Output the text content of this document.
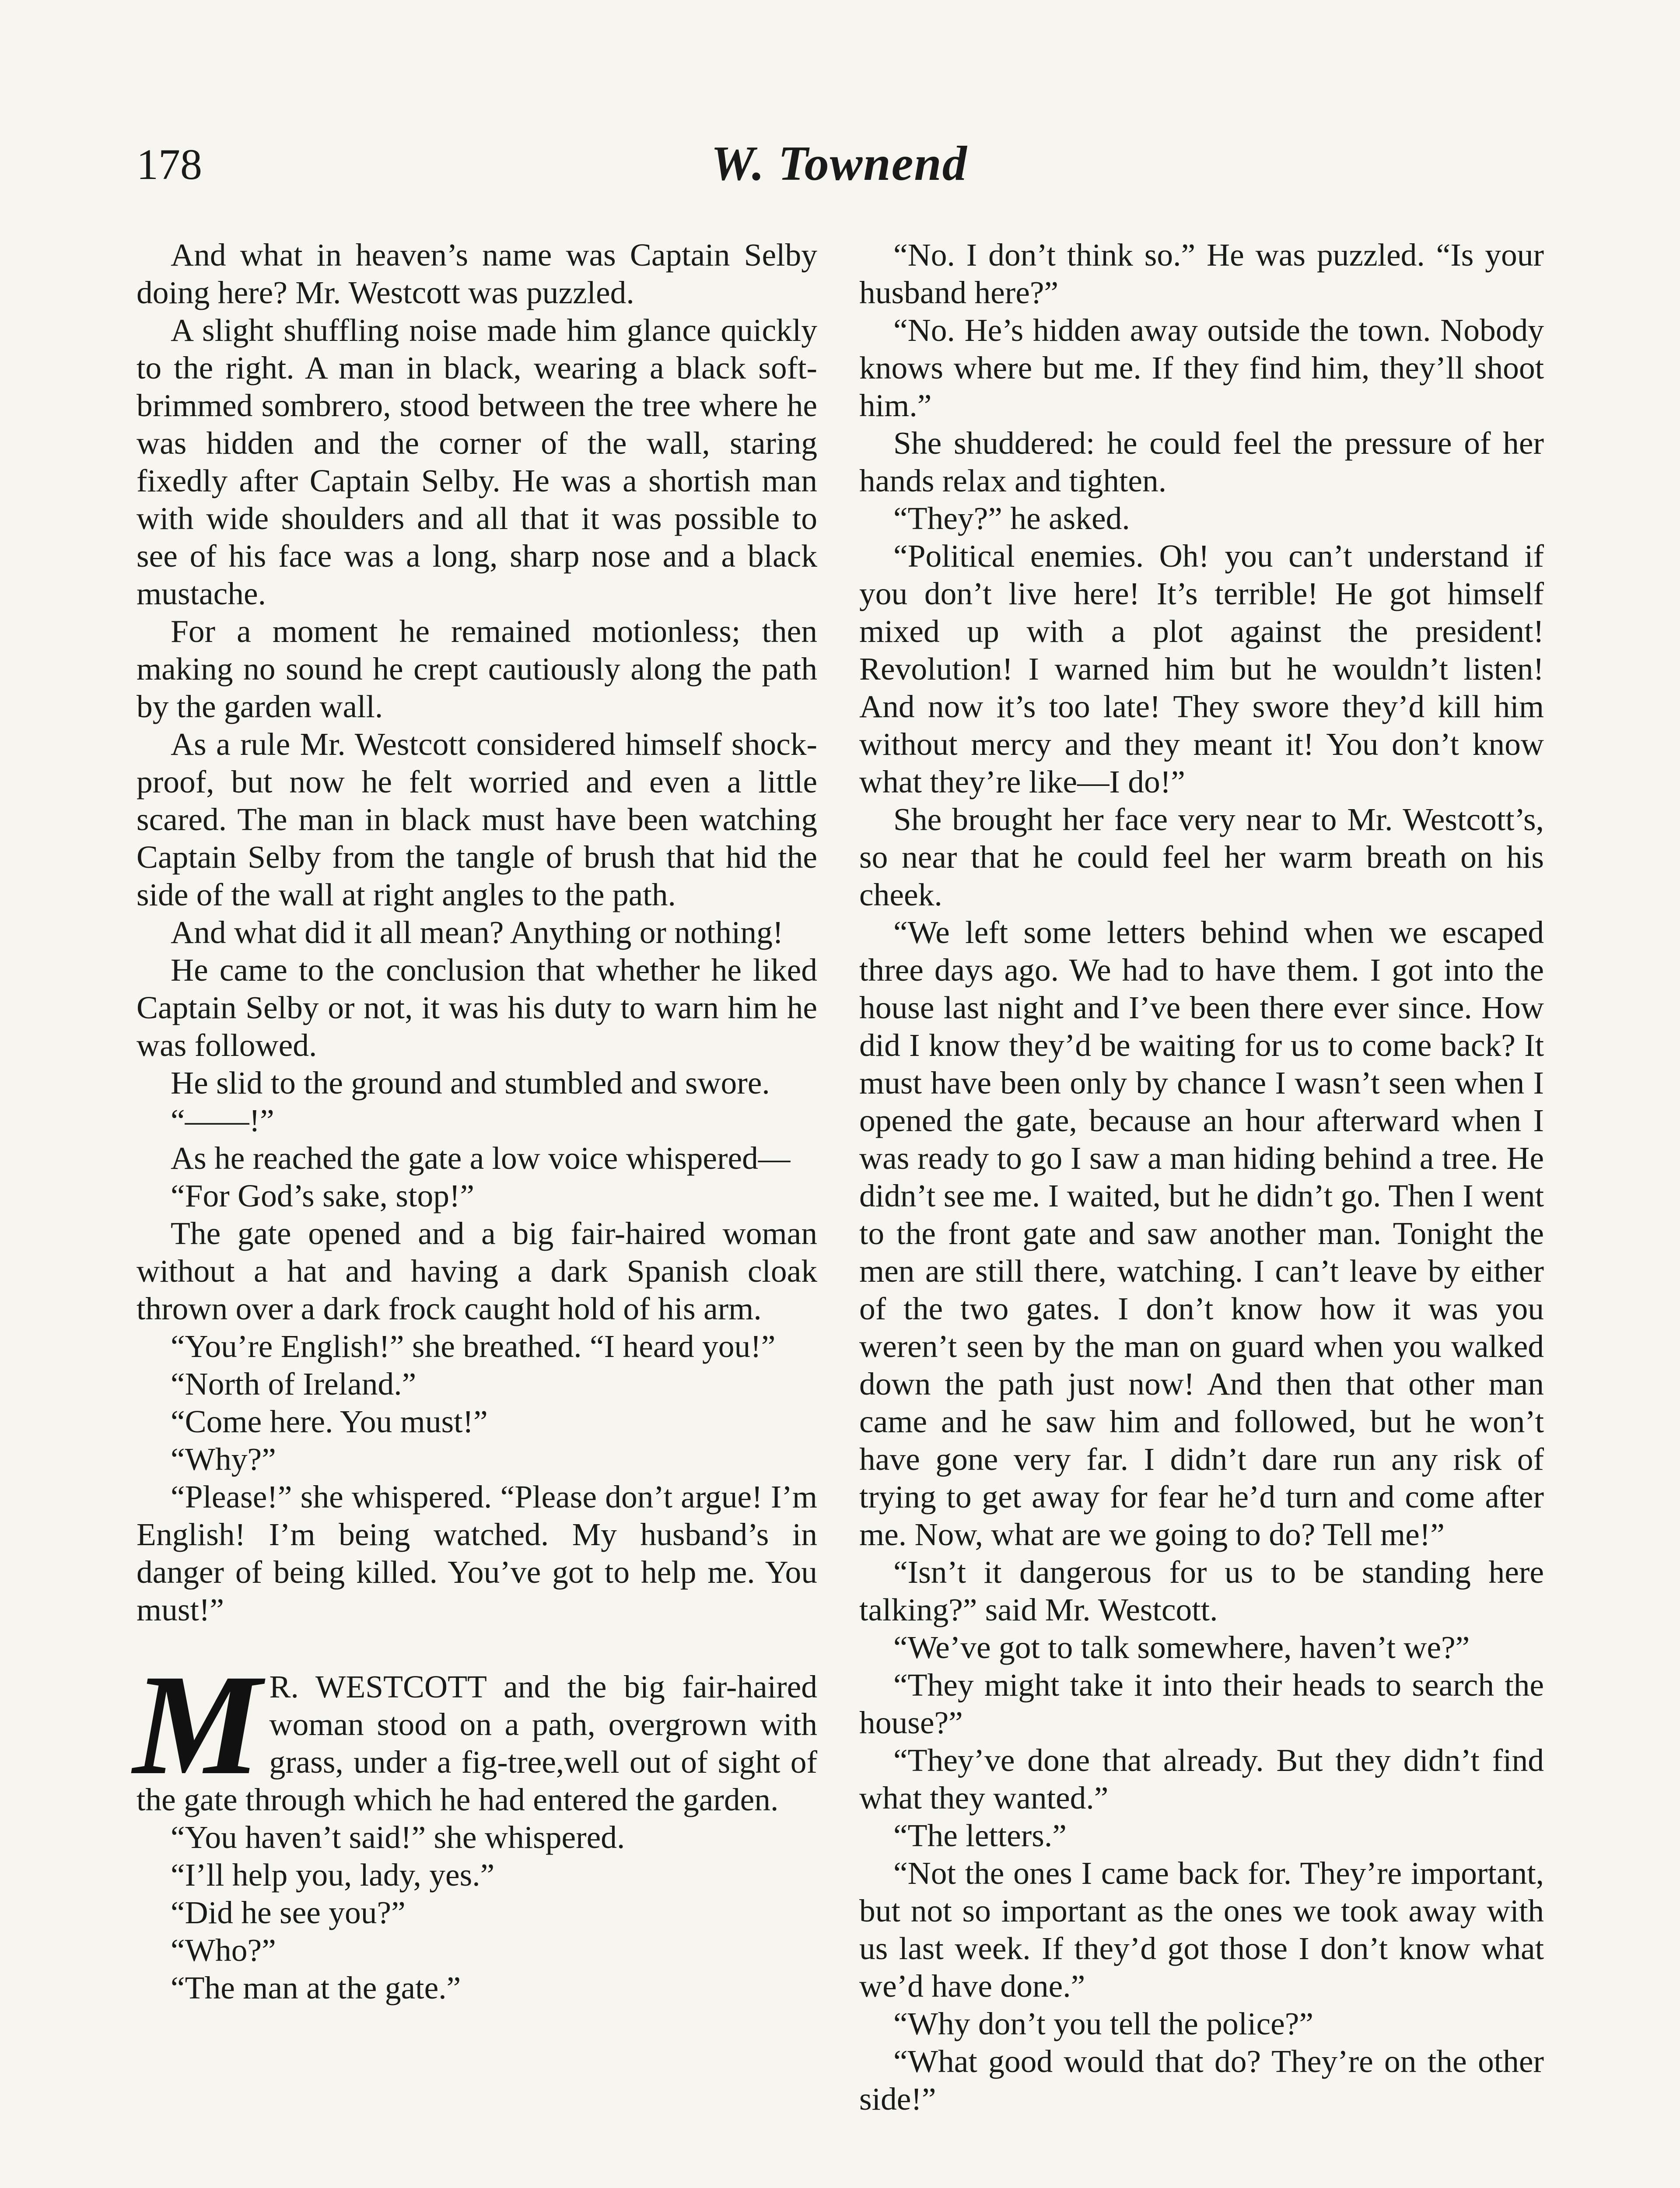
178	W. Townend

And what in heaven’s name was Captain Selby doing here? Mr. Westcott was puzzled.

A slight shuffling noise made him glance quickly to the right. A man in black, wearing a black soft-brimmed sombrero, stood between the tree where he was hidden and the corner of the wall, staring fixedly after Captain Selby. He was a shortish man with wide shoulders and all that it was possible to see of his face was a long, sharp nose and a black mustache.

For a moment he remained motionless; then making no sound he crept cautiously along the path by the garden wall.

As a rule Mr. Westcott considered himself shock-proof, but now he felt worried and even a little scared. The man in black must have been watching Captain Selby from the tangle of brush that hid the side of the wall at right angles to the path.

And what did it all mean? Anything or nothing!

He came to the conclusion that whether he liked Captain Selby or not, it was his duty to warn him he was followed.

He slid to the ground and stumbled and swore.

“——!”

As he reached the gate a low voice whispered—

“For God’s sake, stop!”

The gate opened and a big fair-haired woman without a hat and having a dark Spanish cloak thrown over a dark frock caught hold of his arm.

“You’re English!” she breathed. “I heard you!”

“North of Ireland.”

“Come here. You must!”

“Why?”

“Please!” she whispered. “Please don’t argue! I’m English! I’m being watched. My husband’s in danger of being killed. You’ve got to help me. You must!”

M R. WESTCOTT and the big fair-haired woman stood on a path, overgrown with grass, under a fig-tree,well out of sight of the gate through which he had entered the garden.

“You haven’t said!” she whispered.

“I’ll help you, lady, yes.”

“Did he see you?”

“Who?”

“The man at the gate.”

“No. I don’t think so.” He was puzzled. “Is your husband here?”

“No. He’s hidden away outside the town. Nobody knows where but me. If they find him, they’ll shoot him.”

She shuddered: he could feel the pressure of her hands relax and tighten.

“They?” he asked.

“Political enemies. Oh! you can’t understand if you don’t live here! It’s terrible! He got himself mixed up with a plot against the president! Revolution! I warned him but he wouldn’t listen! And now it’s too late! They swore they’d kill him without mercy and they meant it! You don’t know what they’re like—I do!”

She brought her face very near to Mr. Westcott’s, so near that he could feel her warm breath on his cheek.

“We left some letters behind when we escaped three days ago. We had to have them. I got into the house last night and I’ve been there ever since. How did I know they’d be waiting for us to come back? It must have been only by chance I wasn’t seen when I opened the gate, because an hour afterward when I was ready to go I saw a man hiding behind a tree. He didn’t see me. I waited, but he didn’t go. Then I went to the front gate and saw another man. Tonight the men are still there, watching. I can’t leave by either of the two gates. I don’t know how it was you weren’t seen by the man on guard when you walked down the path just now! And then that other man came and he saw him and followed, but he won’t have gone very far. I didn’t dare run any risk of trying to get away for fear he’d turn and come after me. Now, what are we going to do? Tell me!”

“Isn’t it dangerous for us to be standing here talking?” said Mr. Westcott.

“We’ve got to talk somewhere, haven’t we?”

“They might take it into their heads to search the house?”

“They’ve done that already. But they didn’t find what they wanted.”

“The letters.”

“Not the ones I came back for. They’re important, but not so important as the ones we took away with us last week. If they’d got those I don’t know what we’d have done.”

“Why don’t you tell the police?”

“What good would that do? They’re on the other side!”
